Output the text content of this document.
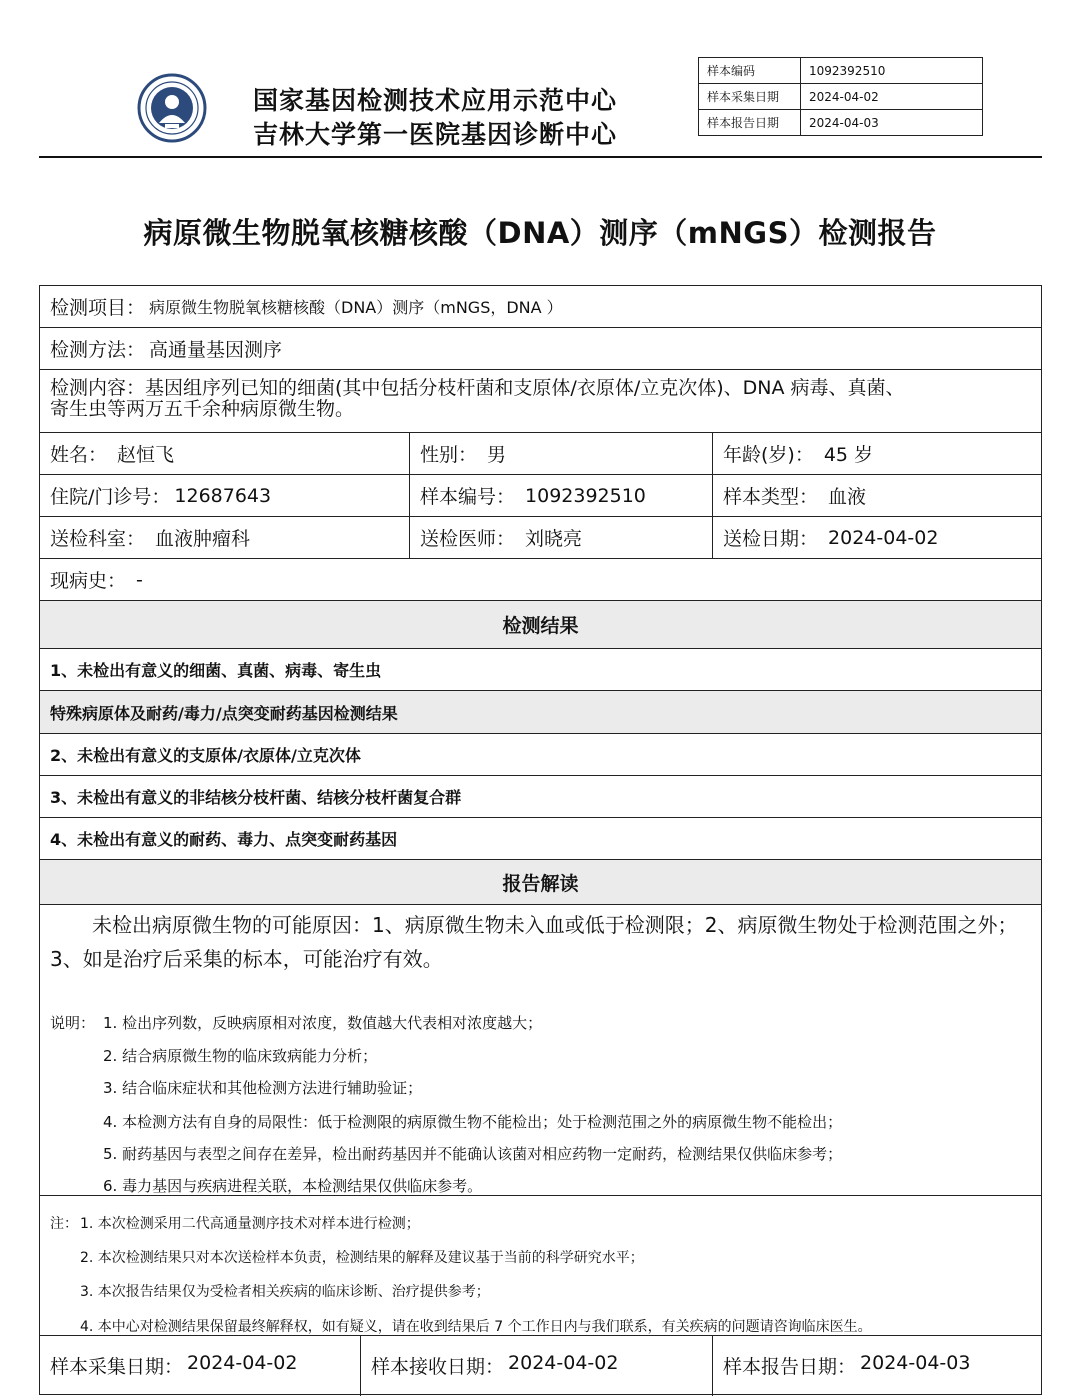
国家基因检测技术应用示范中心
吉林大学第一医院基因诊断中心
样本编码	1092392510
样本采集日期	2024-04-02
样本报告日期	2024-04-03
病原微生物脱氧核糖核酸（DNA）测序（mNGS）检测报告
检测项目： 病原微生物脱氧核糖核酸（DNA）测序（mNGS，DNA ）
检测方法： 高通量基因测序
检测内容：基因组序列已知的细菌(其中包括分枝杆菌和支原体/衣原体/立克次体)、DNA 病毒、真菌、
寄生虫等两万五千余种病原微生物。
姓名： 赵恒飞	性别： 男	年龄(岁)： 45 岁
住院/门诊号： 12687643	样本编号： 1092392510	样本类型： 血液
送检科室： 血液肿瘤科	送检医师： 刘晓亮	送检日期： 2024-04-02
现病史： -
检测结果
1、未检出有意义的细菌、真菌、病毒、寄生虫
特殊病原体及耐药/毒力/点突变耐药基因检测结果
2、未检出有意义的支原体/衣原体/立克次体
3、未检出有意义的非结核分枝杆菌、结核分枝杆菌复合群
4、未检出有意义的耐药、毒力、点突变耐药基因
报告解读
未检出病原微生物的可能原因：1、病原微生物未入血或低于检测限；2、病原微生物处于检测范围之外；3、如是治疗后采集的标本，可能治疗有效。
说明： 1. 检出序列数，反映病原相对浓度，数值越大代表相对浓度越大；
2. 结合病原微生物的临床致病能力分析；
3. 结合临床症状和其他检测方法进行辅助验证；
4. 本检测方法有自身的局限性：低于检测限的病原微生物不能检出；处于检测范围之外的病原微生物不能检出；
5. 耐药基因与表型之间存在差异，检出耐药基因并不能确认该菌对相应药物一定耐药，检测结果仅供临床参考；
6. 毒力基因与疾病进程关联，本检测结果仅供临床参考。
注： 1. 本次检测采用二代高通量测序技术对样本进行检测；
2. 本次检测结果只对本次送检样本负责，检测结果的解释及建议基于当前的科学研究水平；
3. 本次报告结果仅为受检者相关疾病的临床诊断、治疗提供参考；
4. 本中心对检测结果保留最终解释权，如有疑义，请在收到结果后 7 个工作日内与我们联系，有关疾病的问题请咨询临床医生。
样本采集日期： 2024-04-02	样本接收日期： 2024-04-02	样本报告日期： 2024-04-03
